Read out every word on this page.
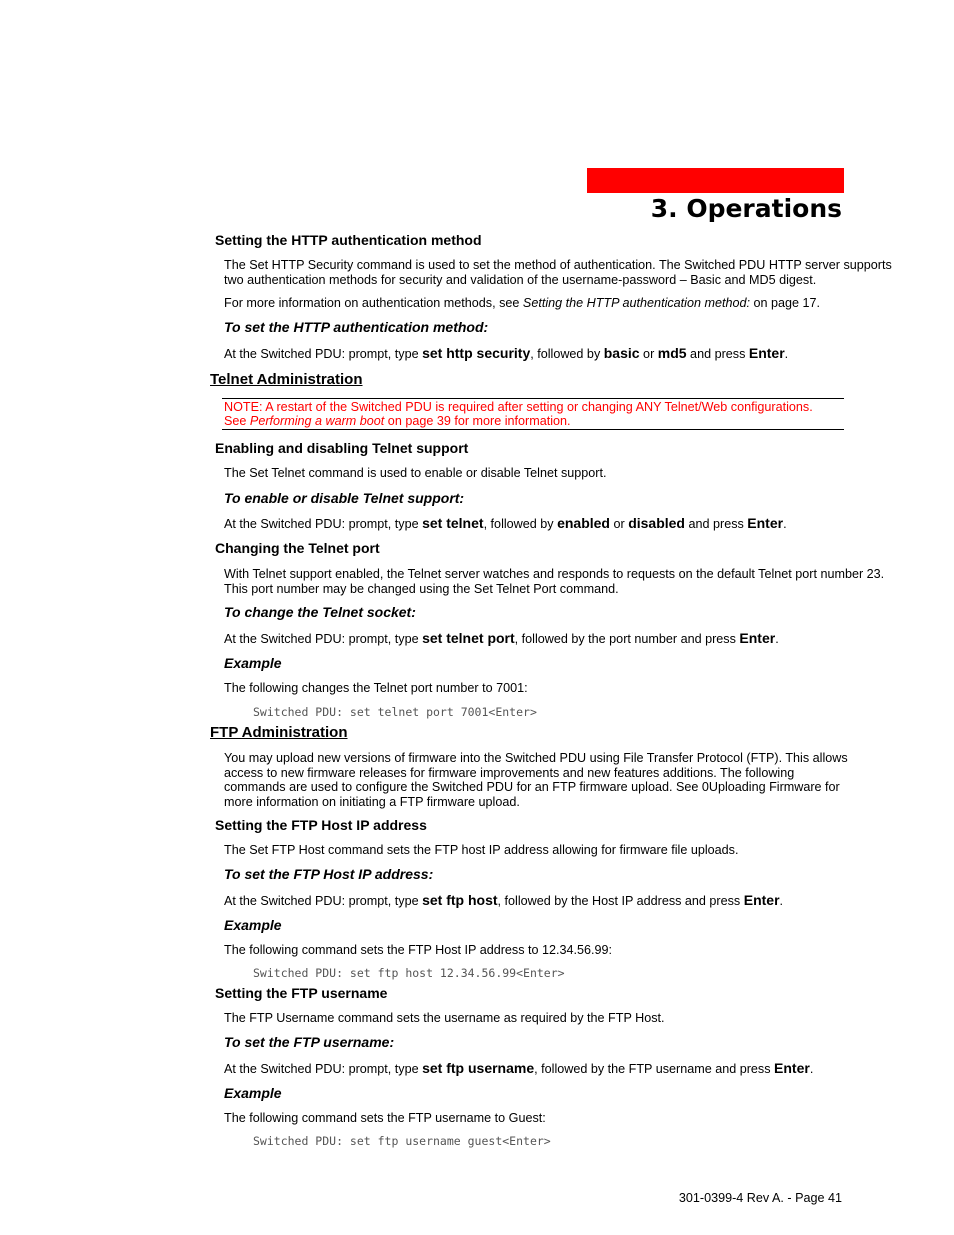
3. Operations
Setting the HTTP authentication method
The Set HTTP Security command is used to set the method of authentication. The Switched PDU HTTP server supports two authentication methods for security and validation of the username-password – Basic and MD5 digest.
For more information on authentication methods, see Setting the HTTP authentication method: on page 17.
To set the HTTP authentication method:
At the Switched PDU: prompt, type set http security, followed by basic or md5 and press Enter.
Telnet Administration
NOTE: A restart of the Switched PDU is required after setting or changing ANY Telnet/Web configurations.
See Performing a warm boot on page 39 for more information.
Enabling and disabling Telnet support
The Set Telnet command is used to enable or disable Telnet support.
To enable or disable Telnet support:
At the Switched PDU: prompt, type set telnet, followed by enabled or disabled and press Enter.
Changing the Telnet port
With Telnet support enabled, the Telnet server watches and responds to requests on the default Telnet port number 23. This port number may be changed using the Set Telnet Port command.
To change the Telnet socket:
At the Switched PDU: prompt, type set telnet port, followed by the port number and press Enter.
Example
The following changes the Telnet port number to 7001:
Switched PDU: set telnet port 7001<Enter>
FTP Administration
You may upload new versions of firmware into the Switched PDU using File Transfer Protocol (FTP). This allows access to new firmware releases for firmware improvements and new features additions. The following commands are used to configure the Switched PDU for an FTP firmware upload. See 0Uploading Firmware for more information on initiating a FTP firmware upload.
Setting the FTP Host IP address
The Set FTP Host command sets the FTP host IP address allowing for firmware file uploads.
To set the FTP Host IP address:
At the Switched PDU: prompt, type set ftp host, followed by the Host IP address and press Enter.
Example
The following command sets the FTP Host IP address to 12.34.56.99:
Switched PDU: set ftp host 12.34.56.99<Enter>
Setting the FTP username
The FTP Username command sets the username as required by the FTP Host.
To set the FTP username:
At the Switched PDU: prompt, type set ftp username, followed by the FTP username and press Enter.
Example
The following command sets the FTP username to Guest:
Switched PDU: set ftp username guest<Enter>
301-0399-4 Rev A. - Page 41
